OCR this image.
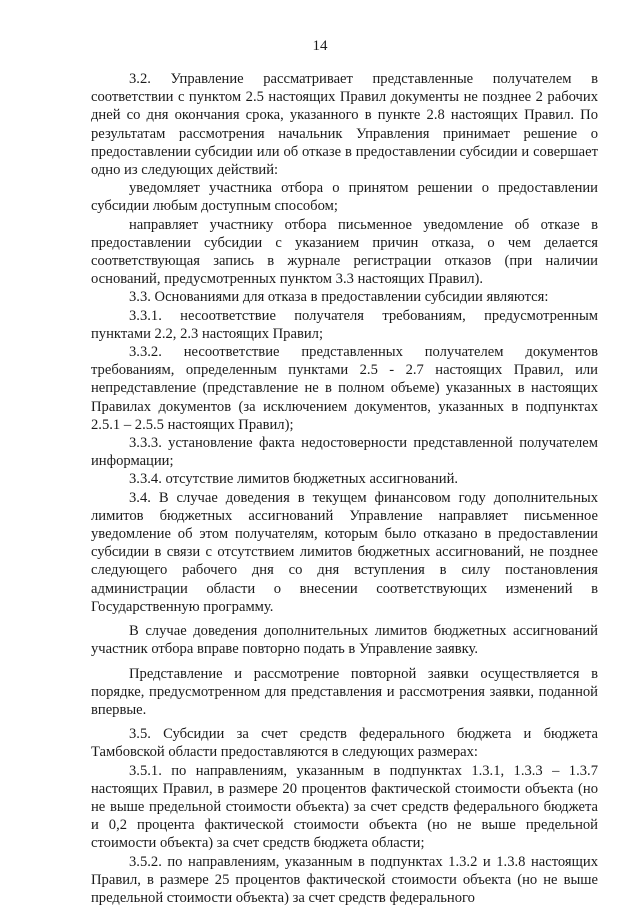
14

3.2. Управление рассматривает представленные получателем в соответствии с пунктом 2.5 настоящих Правил документы не позднее 2 рабочих дней со дня окончания срока, указанного в пункте 2.8 настоящих Правил. По результатам рассмотрения начальник Управления принимает решение о предоставлении субсидии или об отказе в предоставлении субсидии и совершает одно из следующих действий:

уведомляет участника отбора о принятом решении о предоставлении субсидии любым доступным способом;

направляет участнику отбора письменное уведомление об отказе в предоставлении субсидии с указанием причин отказа, о чем делается соответствующая запись в журнале регистрации отказов (при наличии оснований, предусмотренных пунктом 3.3 настоящих Правил).

3.3. Основаниями для отказа в предоставлении субсидии являются:

3.3.1. несоответствие получателя требованиям, предусмотренным пунктами 2.2, 2.3 настоящих Правил;

3.3.2. несоответствие представленных получателем документов требованиям, определенным пунктами 2.5 - 2.7 настоящих Правил, или непредставление (представление не в полном объеме) указанных в настоящих Правилах документов (за исключением документов, указанных в подпунктах 2.5.1 – 2.5.5 настоящих Правил);

3.3.3. установление факта недостоверности представленной получателем информации;

3.3.4. отсутствие лимитов бюджетных ассигнований.

3.4. В случае доведения в текущем финансовом году дополнительных лимитов бюджетных ассигнований Управление направляет письменное уведомление об этом получателям, которым было отказано в предоставлении субсидии в связи с отсутствием лимитов бюджетных ассигнований, не позднее следующего рабочего дня со дня вступления в силу постановления администрации области о внесении соответствующих изменений в Государственную программу.

В случае доведения дополнительных лимитов бюджетных ассигнований участник отбора вправе повторно подать в Управление заявку.

Представление и рассмотрение повторной заявки осуществляется в порядке, предусмотренном для представления и рассмотрения заявки, поданной впервые.

3.5. Субсидии за счет средств федерального бюджета и бюджета Тамбовской области предоставляются в следующих размерах:

3.5.1. по направлениям, указанным в подпунктах 1.3.1, 1.3.3 – 1.3.7 настоящих Правил, в размере 20 процентов фактической стоимости объекта (но не выше предельной стоимости объекта) за счет средств федерального бюджета и 0,2 процента фактической стоимости объекта (но не выше предельной стоимости объекта) за счет средств бюджета области;

3.5.2. по направлениям, указанным в подпунктах 1.3.2 и 1.3.8 настоящих Правил, в размере 25 процентов фактической стоимости объекта (но не выше предельной стоимости объекта) за счет средств федерального
